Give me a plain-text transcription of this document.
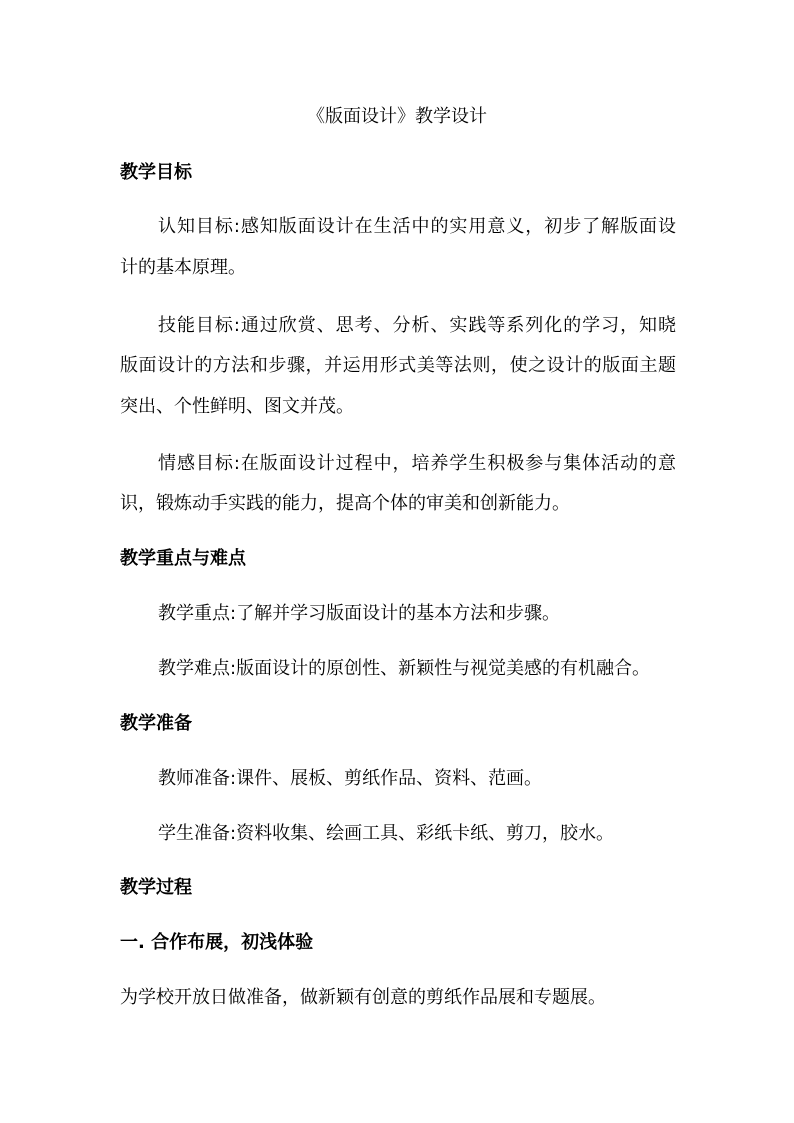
《版面设计》教学设计
教学目标

认知目标:感知版面设计在生活中的实用意义，初步了解版面设

计的基本原理。

技能目标:通过欣赏、思考、分析、实践等系列化的学习，知晓

版面设计的方法和步骤，并运用形式美等法则，使之设计的版面主题

突出、个性鲜明、图文并茂。

情感目标:在版面设计过程中，培养学生积极参与集体活动的意

识，锻炼动手实践的能力，提高个体的审美和创新能力。

教学重点与难点

教学重点:了解并学习版面设计的基本方法和步骤。

教学难点:版面设计的原创性、新颖性与视觉美感的有机融合。

教学准备

教师准备:课件、展板、剪纸作品、资料、范画。

学生准备:资料收集、绘画工具、彩纸卡纸、剪刀，胶水。

教学过程
一. 合作布展，初浅体验

为学校开放日做准备，做新颖有创意的剪纸作品展和专题展。
